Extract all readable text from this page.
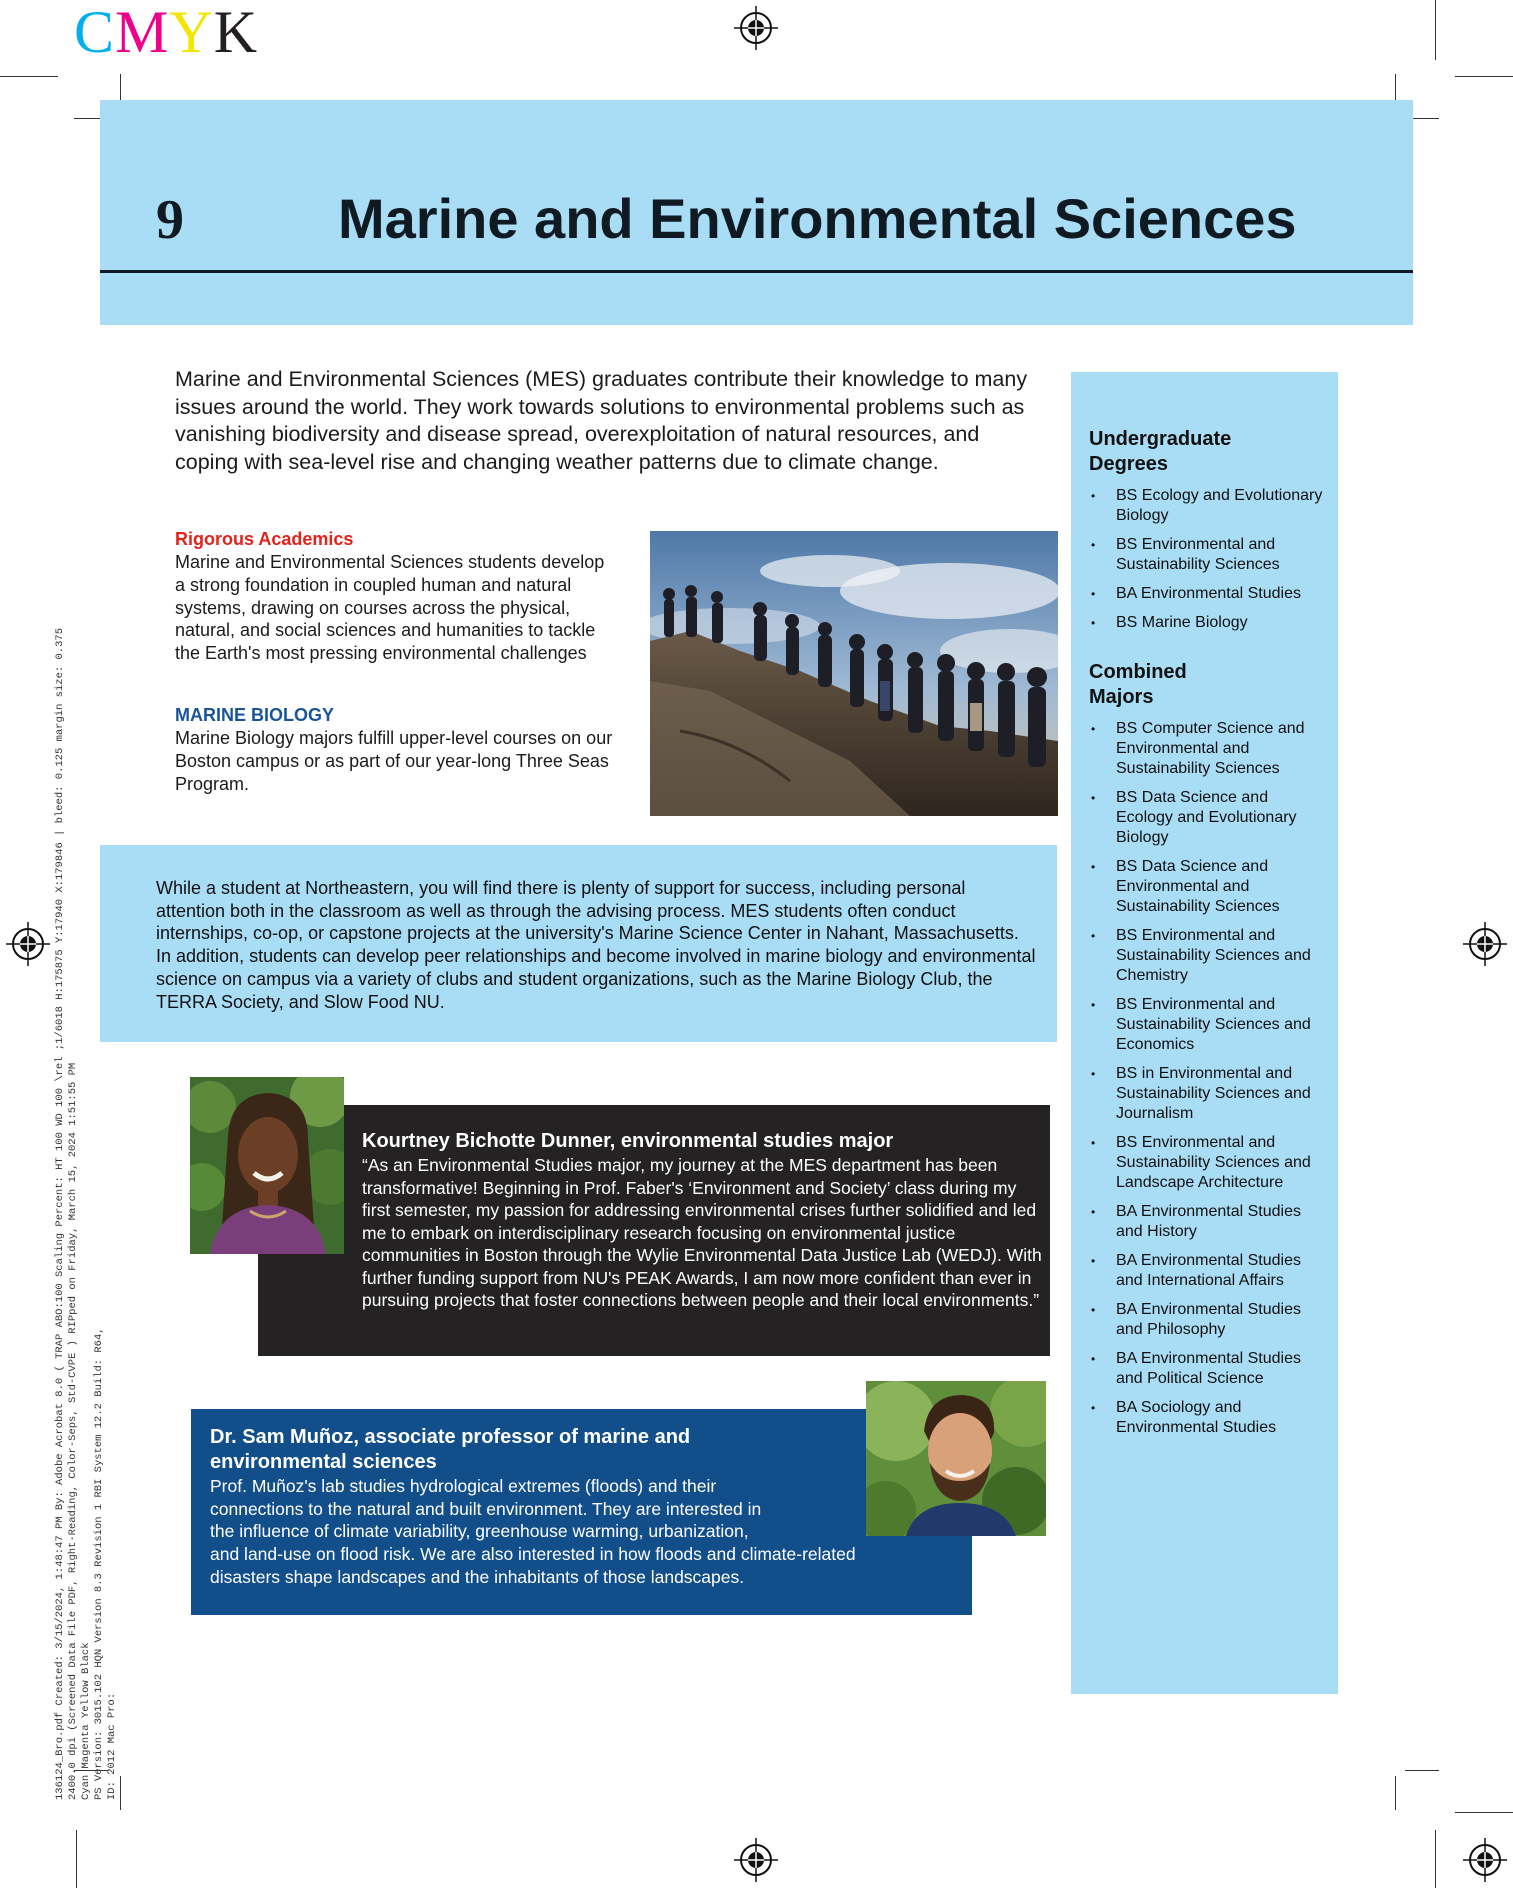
CMYK
136124_Bro.pdf Created: 3/15/2024, 1:48:47 PM By: Adobe Acrobat 8.0 ( TRAP ABO:100 Scaling Percent: HT 100 WD 100 \rel ;1/6018 H:175875 Y:17940 X:179846 | bleed: 0.125 margin size: 0.375 2400.0 dpi (Screened Data File PDF, Right-Reading, Color-Seps, Std-CVPE ) RIPped on Friday, March 15, 2024 1:51:55 PM Cyan Magenta Yellow Black PS Version: 3015.102 HQN Version 8.3 Revision 1 RBI System 12.2 Build: R64, ID: 2012 Mac Pro:
9	Marine and Environmental Sciences
Marine and Environmental Sciences (MES) graduates contribute their knowledge to many issues around the world. They work towards solutions to environmental problems such as vanishing biodiversity and disease spread, overexploitation of natural resources, and coping with sea-level rise and changing weather patterns due to climate change.
Rigorous Academics
Marine and Environmental Sciences students develop a strong foundation in coupled human and natural systems, drawing on courses across the physical, natural, and social sciences and humanities to tackle the Earth's most pressing environmental challenges
MARINE BIOLOGY
Marine Biology majors fulfill upper-level courses on our Boston campus or as part of our year-long Three Seas Program.
Undergraduate Degrees
• BS Ecology and Evolutionary Biology
• BS Environmental and Sustainability Sciences
• BA Environmental Studies
• BS Marine Biology
Combined Majors
• BS Computer Science and Environmental and Sustainability Sciences
• BS Data Science and Ecology and Evolutionary Biology
• BS Data Science and Environmental and Sustainability Sciences
• BS Environmental and Sustainability Sciences and Chemistry
• BS Environmental and Sustainability Sciences and Economics
• BS in Environmental and Sustainability Sciences and Journalism
• BS Environmental and Sustainability Sciences and Landscape Architecture
• BA Environmental Studies and History
• BA Environmental Studies and International Affairs
• BA Environmental Studies and Philosophy
• BA Environmental Studies and Political Science
• BA Sociology and Environmental Studies
While a student at Northeastern, you will find there is plenty of support for success, including personal attention both in the classroom as well as through the advising process. MES students often conduct internships, co-op, or capstone projects at the university's Marine Science Center in Nahant, Massachusetts. In addition, students can develop peer relationships and become involved in marine biology and environmental science on campus via a variety of clubs and student organizations, such as the Marine Biology Club, the TERRA Society, and Slow Food NU.
Kourtney Bichotte Dunner, environmental studies major
“As an Environmental Studies major, my journey at the MES department has been transformative! Beginning in Prof. Faber's ‘Environment and Society’ class during my first semester, my passion for addressing environmental crises further solidified and led me to embark on interdisciplinary research focusing on environmental justice communities in Boston through the Wylie Environmental Data Justice Lab (WEDJ). With further funding support from NU's PEAK Awards, I am now more confident than ever in pursuing projects that foster connections between people and their local environments.”
Dr. Sam Muñoz, associate professor of marine and environmental sciences
Prof. Muñoz's lab studies hydrological extremes (floods) and their
connections to the natural and built environment. They are interested in
the influence of climate variability, greenhouse warming, urbanization,
and land-use on flood risk. We are also interested in how floods and climate-related
disasters shape landscapes and the inhabitants of those landscapes.
